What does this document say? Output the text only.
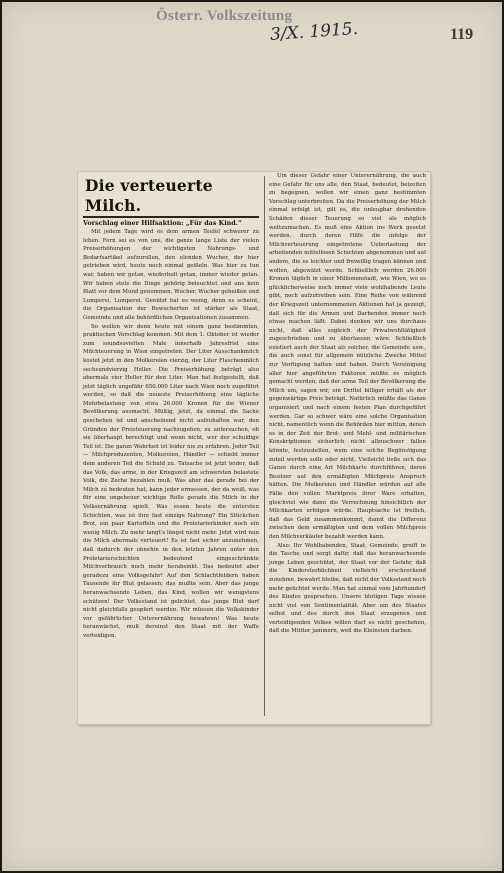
Österr. Volkszeitung
3/X. 1915.	119
Die verteuerte Milch.
Vorschlag einer Hilfsaktion: „Für das Kind.“

Mit jedem Tage wird es dem armen Teufel schwerer zu leben. Fern sei es von uns, die ganze lange Liste der vielen Preiserhöhungen der wichtigsten Nahrungs- und Bedarfsartikel aufzurollen, den elenden Wucher, der hier getrieben wird, heute noch einmal geißeln. Was hier zu tun war, haben wir getan, wiederholt getan, immer wieder getan. Wir haben stets die Dinge gehörig beleuchtet und uns kein Blatt vor dem Mund genommen, Wucher, Wucher geheißen und Lumperei, Lumperei. Genützt hat es wenig, denn es scheint, die Organisation der Bewucherten ist stärker als Staat, Gemeinde und alle behördlichen Organisationen zusammen.

So wollen wir denn heute mit einem ganz bestimmten, praktischen Vorschlag kommen. Mit dem 1. Oktober ist wieder zum soundsovielten Male innerhalb Jahresfrist eine Milchteuerung in Wien eingetreten. Der Liter Ausschankmilch kostet jetzt in den Molkereien vierzig, der Liter Flaschenmilch sechsundvierzig Heller. Die Preiserhöhung beträgt also abermals vier Heller für den Liter. Man hat festgestellt, daß jetzt täglich ungefähr 650.000 Liter nach Wien noch zugeführt werden, so daß die neueste Preiserhöhung eine tägliche Mehrbelastung von etwa 26.000 Kronen für die Wiener Bevölkerung ausmacht. Müßig, jetzt, da einmal die Sache geschehen ist und anscheinend nicht aufzuhalten war, den Gründen der Preisteuerung nachzugehen, zu untersuchen, ob sie überhaupt berechtigt und wenn nicht, wer der schuldige Teil ist. Die ganze Wahrheit ist leider nie zu erfahren. Jeder Teil — Milchproduzenten, Molkereien, Händler — schiebt immer dem anderen Teil die Schuld zu. Tatsache ist jetzt leider, daß das Volk, das arme, in der Kriegszeit am schwersten belastete Volk, die Zeche bezahlen muß. Was aber das gerade bei der Milch zu bedeuten hat, kann jeder ermessen, der da weiß, was für eine ungeheuer wichtige Rolle gerade die Milch in der Volksernährung spielt. Was essen heute die untersten Schichten, was ist ihre fast einzige Nahrung? Ein Stückchen Brot, ein paar Kartoffeln und die Proletarierkinder noch ein wenig Milch. Zu mehr langt's längst nicht mehr. Jetzt wird nun die Milch abermals verteuert! Es ist fast sicher anzunehmen, daß dadurch der ohnehin in den letzten Jahren unter den Proletarierschichten bedeutend eingeschränkte Milchverbrauch noch mehr herabsinkt. Das bedeutet aber geradezu eine Volksgefahr! Auf den Schlachtfeldern haben Tausende ihr Blut gelassen; das mußte sein. Aber das junge heranwachsende Leben, das Kind, wollen wir wenigstens schützen! Der Volksstand ist gelichtet, das junge Blut darf nicht gleichfalls geopfert werden. Wir müssen die Volkskinder vor gefährlicher Unterernährung bewahren! Was heute heranwächst, muß dereinst den Staat mit der Waffe verteidigen.

Um dieser Gefahr einer Unterernährung, die auch eine Gefahr für uns alle, den Staat, bedeutet, beizeiten zu begegnen, wollen wir einen ganz bestimmten Vorschlag unterbreiten. Da die Preiserhöhung der Milch einmal erfolgt ist, gilt es, die unleugbar drohenden Schäden dieser Teuerung so viel als möglich wettzumachen. Es muß eine Aktion ins Werk gesetzt werden, durch deren Hilfe die infolge der Milchverteuerung eingetretene Ueberlastung der arbeitenden mittellosen Schichten abgenommen und auf andere, die es leichter und freiwillig tragen können und wollen, abgewälzt werde. Schließlich werden 26.000 Kronen täglich in einer Millionenstadt, wie Wien, wo es glücklicherweise noch immer viele wohlhabende Leute gibt, noch aufzutreiben sein. Eine Reihe von während der Kriegszeit unternommenen Aktionen hat ja gezeigt, daß sich für die Armen und Darbenden immer noch etwas machen läßt. Dabei denken wir uns durchaus nicht, daß alles sogleich der Privatwohltätigkeit zugeschrieben und zu überlassen wäre. Schließlich existiert auch der Staat als solcher, die Gemeinde usw., die auch sonst für allgemein nützliche Zwecke Mittel zur Verfügung hatten und haben. Durch Vereinigung aller hier angeführten Faktoren müßte es möglich gemacht werden, daß der arme Teil der Bevölkerung die Milch um, sagen wir, ein Drittel billiger erhält als der gegenwärtige Preis beträgt. Natürlich müßte das Ganze organisiert und nach einem festen Plan durchgeführt werden. Gar so schwer wäre eine solche Organisation nicht, namentlich wenn die Behörden hier mittun, denen es in der Zeit der Brot- und Mehl- und militärischen Konskriptionen sicherlich nicht allzuschwer fallen könnte, festzustellen, wem eine solche Begünstigung zuteil werden solle oder nicht. Vielleicht ließe sich das Ganze durch eine Art Milchkarte durchführen, deren Besitzer auf den ermäßigten Milchpreis Anspruch hätten. Die Molkereien und Händler würden auf alle Fälle den vollen Marktpreis ihrer Ware erhalten, gleichviel wie dann die Verrechnung hinsichtlich der Milchkarten erfolgen würde. Hauptsache ist freilich, daß das Geld zusammenkommt, damit die Differenz zwischen dem ermäßigten und dem vollen Milchpreis den Milchverkäufer bezahlt werden kann.

Also: Ihr Wohlhabenden, Staat, Gemeinde, greift in die Tasche und sorgt dafür, daß das heranwachsende junge Leben geschützt, der Staat vor der Gefahr, daß die Kindersterblichkeit vielleicht erschreckend zunehme, bewahrt bleibe, daß nicht der Volksstand noch mehr gelichtet werde. Man hat einmal vom Jahrhundert des Kindes gesprochen. Unsere blutigen Tage wissen nicht viel von Sentimentalität. Aber um des Staates selbst und des durch den Staat erzogenen und verteidigenden Volkes willen darf es nicht geschehen, daß die Mütter jammern, weil die Kleinsten darben.
